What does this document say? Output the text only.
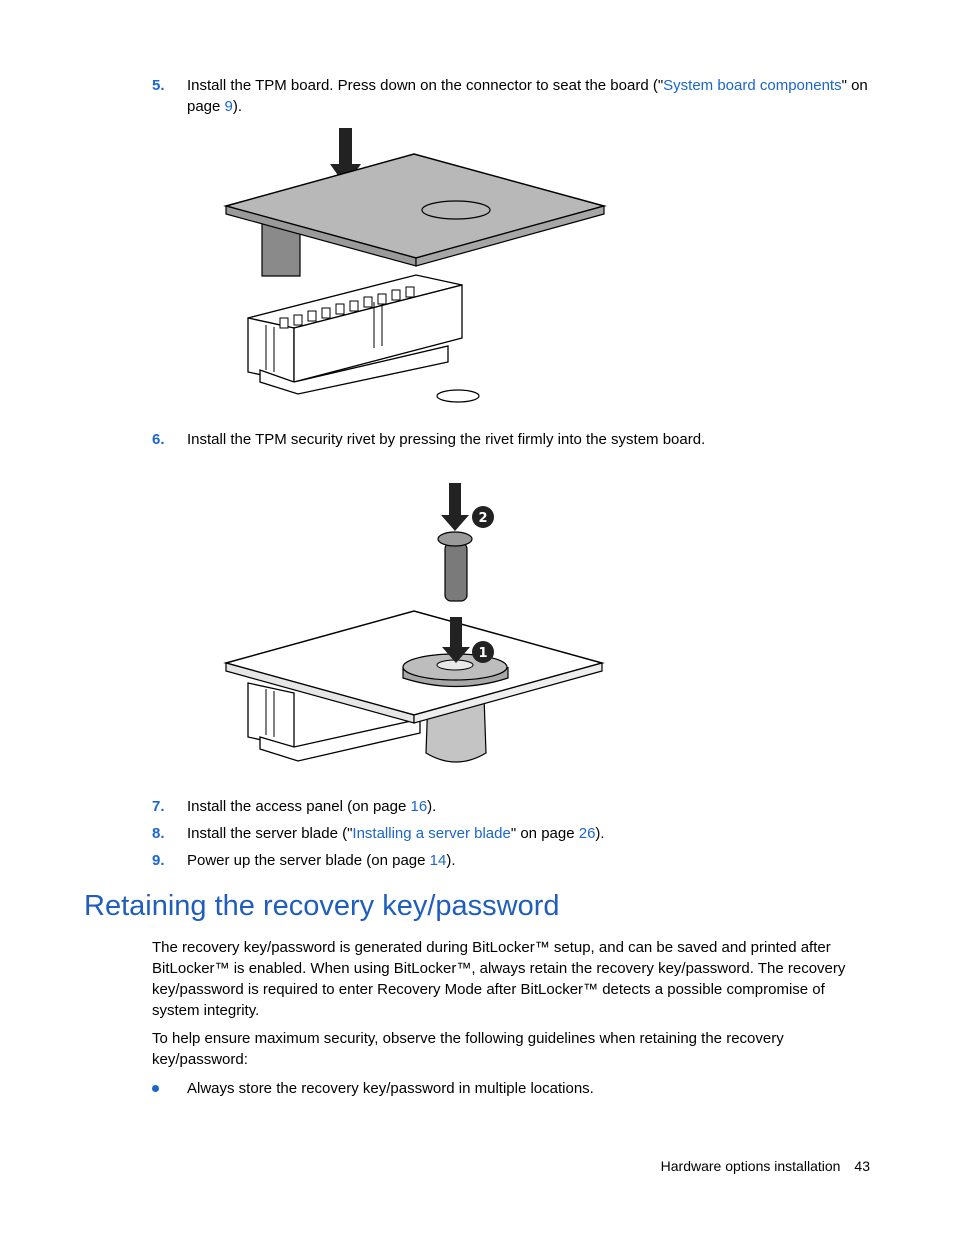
5. Install the TPM board. Press down on the connector to seat the board ("System board components" on page 9).
6. Install the TPM security rivet by pressing the rivet firmly into the system board.
2
1
7. Install the access panel (on page 16).
8. Install the server blade ("Installing a server blade" on page 26).
9. Power up the server blade (on page 14).
Retaining the recovery key/password

The recovery key/password is generated during BitLocker™ setup, and can be saved and printed after BitLocker™ is enabled. When using BitLocker™, always retain the recovery key/password. The recovery key/password is required to enter Recovery Mode after BitLocker™ detects a possible compromise of system integrity.

To help ensure maximum security, observe the following guidelines when retaining the recovery key/password:

Always store the recovery key/password in multiple locations.
Hardware options installation 43
